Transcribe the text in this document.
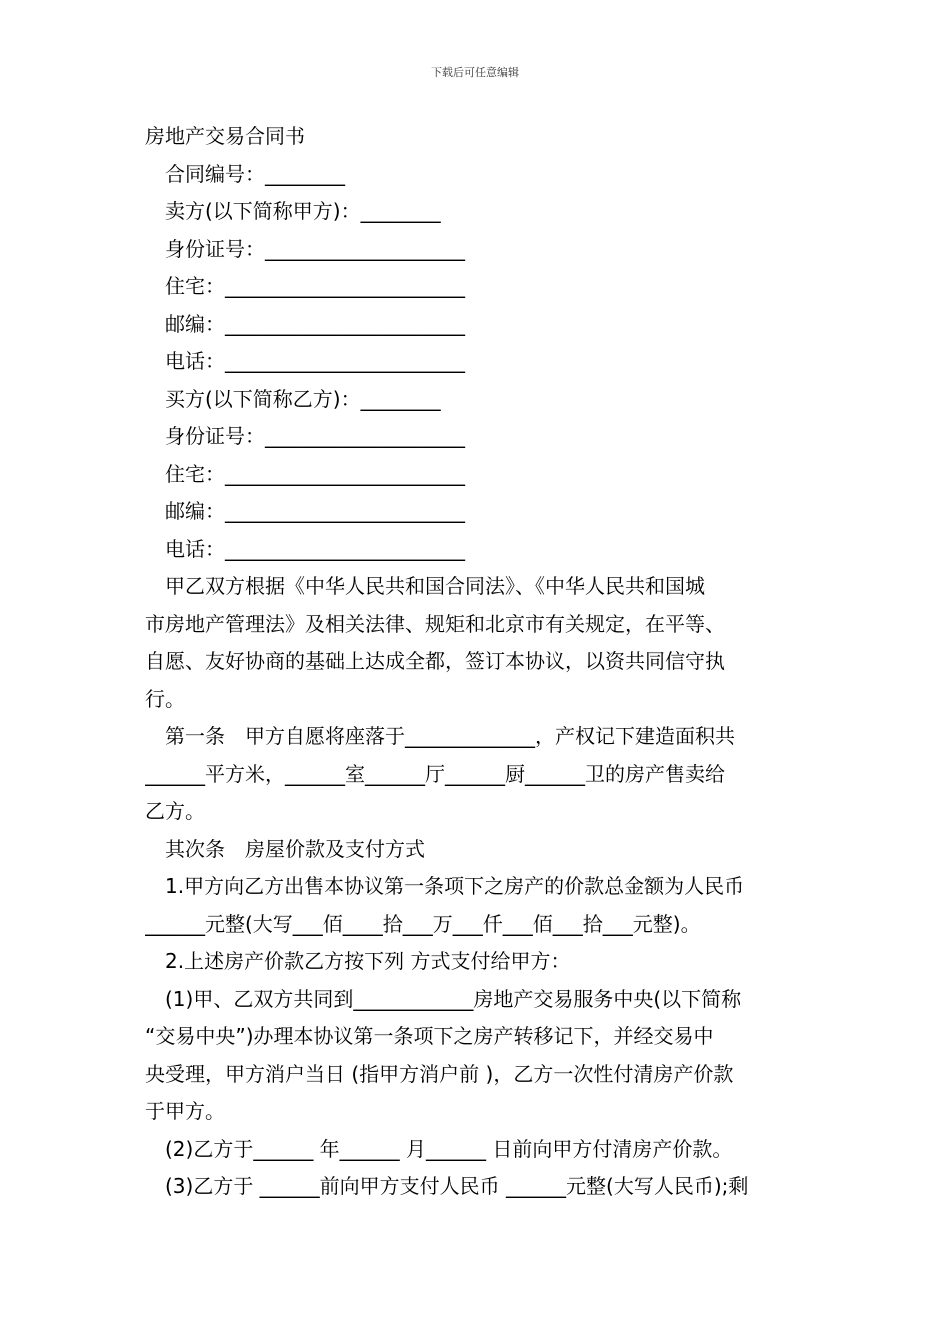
下载后可任意编辑
房地产交易合同书
合同编号：________
卖方(以下简称甲方)：________
身份证号：____________________
住宅：________________________
邮编：________________________
电话：________________________
买方(以下简称乙方)：________
身份证号：____________________
住宅：________________________
邮编：________________________
电话：________________________
甲乙双方根据《中华人民共和国合同法》、《中华人民共和国城
市房地产管理法》及相关法律、规矩和北京市有关规定，在平等、
自愿、友好协商的基础上达成全都，签订本协议，以资共同信守执
行。
第一条　甲方自愿将座落于_____________，产权记下建造面积共
______平方米，______室______厅______厨______卫的房产售卖给
乙方。
其次条　房屋价款及支付方式
1.甲方向乙方出售本协议第一条项下之房产的价款总金额为人民币
______元整(大写___佰____拾___万___仟___佰___拾___元整)。
2.上述房产价款乙方按下列 方式支付给甲方：
(1)甲、乙双方共同到____________房地产交易服务中央(以下简称
“交易中央”)办理本协议第一条项下之房产转移记下，并经交易中
央受理，甲方消户当日 (指甲方消户前 )，乙方一次性付清房产价款
于甲方。
(2)乙方于______ 年______ 月______ 日前向甲方付清房产价款。
(3)乙方于 ______前向甲方支付人民币 ______元整(大写人民币);剩
